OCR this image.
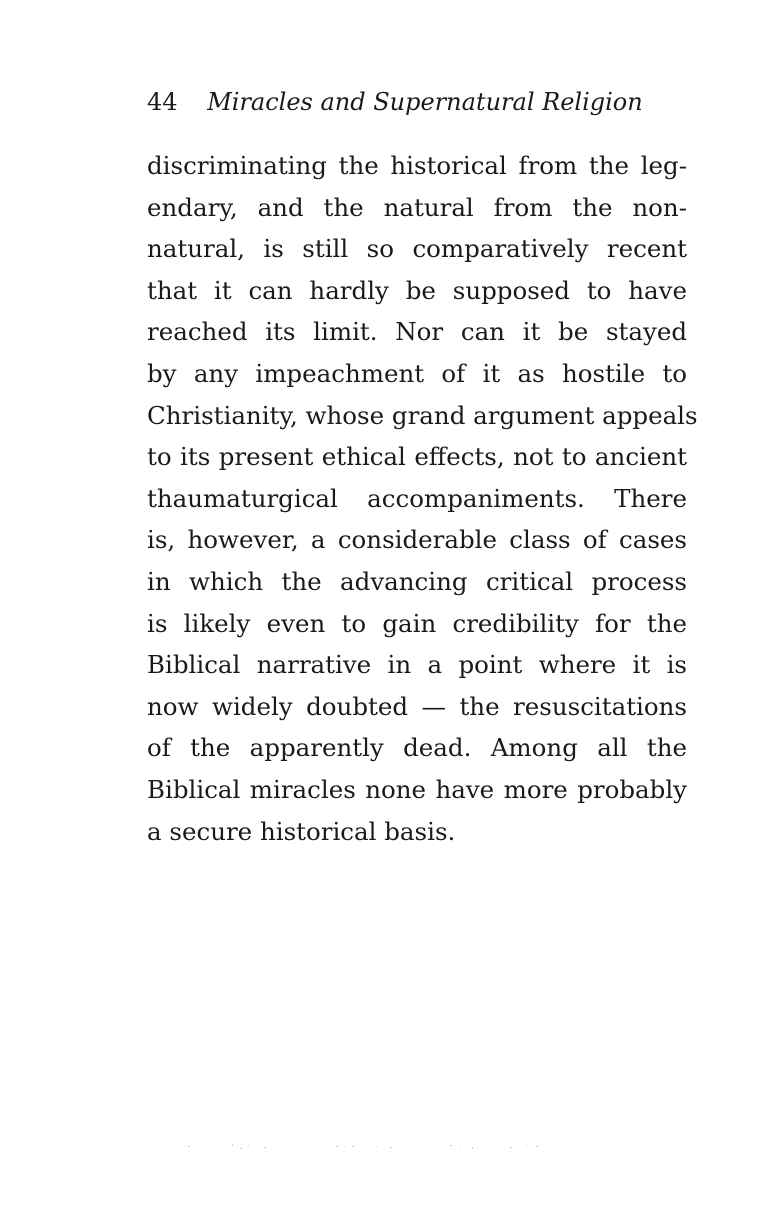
44 Miracles and Supernatural Religion
discriminating the historical from the leg-
endary, and the natural from the non-
natural, is still so comparatively recent
that it can hardly be supposed to have
reached its limit. Nor can it be stayed
by any impeachment of it as hostile to
Christianity, whose grand argument appeals
to its present ethical effects, not to ancient
thaumaturgical accompaniments. There
is, however, a considerable class of cases
in which the advancing critical process
is likely even to gain credibility for the
Biblical narrative in a point where it is
now widely doubted — the resuscitations
of the apparently dead. Among all the
Biblical miracles none have more probably
a secure historical basis.
